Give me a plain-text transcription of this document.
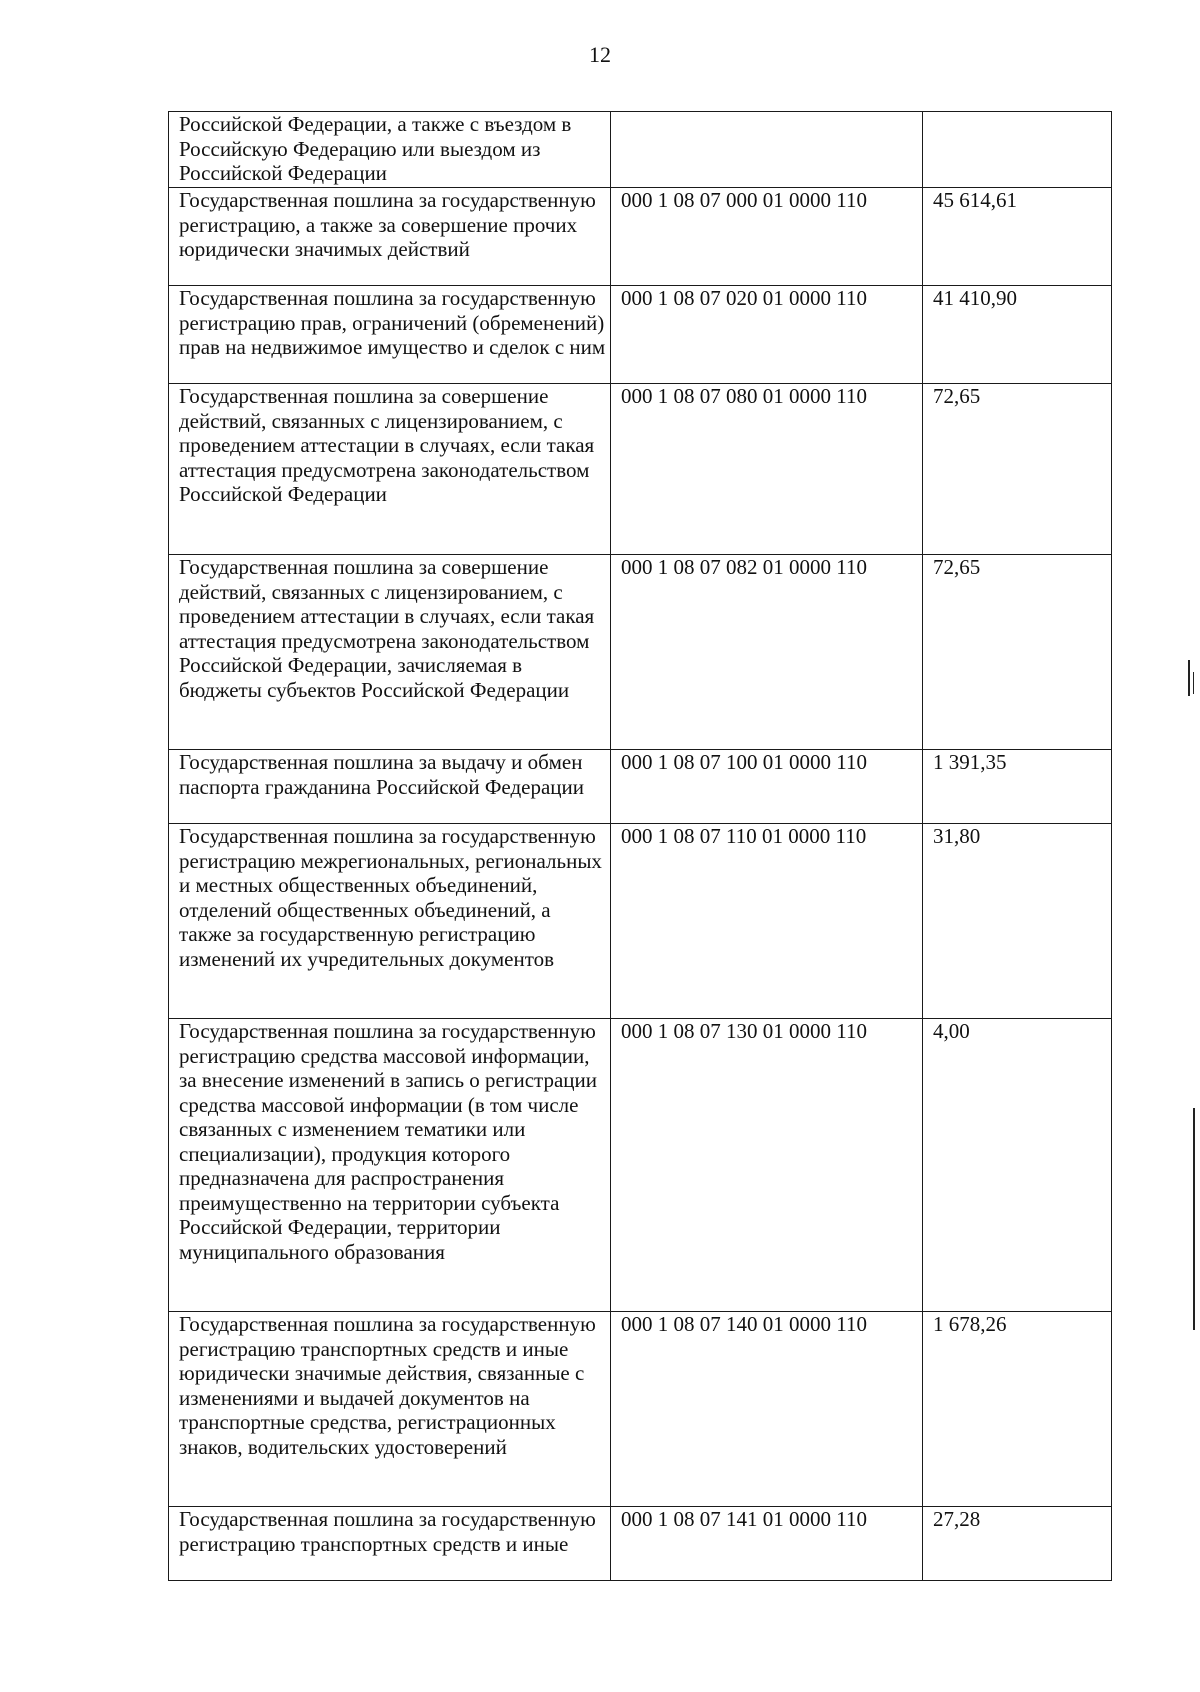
12
Российской Федерации, а также с въездом в Российскую Федерацию или выездом из Российской Федерации		
Государственная пошлина за государственную регистрацию, а также за совершение прочих юридически значимых действий	000 1 08 07 000 01 0000 110	45 614,61
Государственная пошлина за государственную регистрацию прав, ограничений (обременений) прав на недвижимое имущество и сделок с ним	000 1 08 07 020 01 0000 110	41 410,90
Государственная пошлина за совершение действий, связанных с лицензированием, с проведением аттестации в случаях, если такая аттестация предусмотрена законодательством Российской Федерации	000 1 08 07 080 01 0000 110	72,65
Государственная пошлина за совершение действий, связанных с лицензированием, с проведением аттестации в случаях, если такая аттестация предусмотрена законодательством Российской Федерации, зачисляемая в бюджеты субъектов Российской Федерации	000 1 08 07 082 01 0000 110	72,65
Государственная пошлина за выдачу и обмен паспорта гражданина Российской Федерации	000 1 08 07 100 01 0000 110	1 391,35
Государственная пошлина за государственную регистрацию межрегиональных, региональных и местных общественных объединений, отделений общественных объединений, а также за государственную регистрацию изменений их учредительных документов	000 1 08 07 110 01 0000 110	31,80
Государственная пошлина за государственную регистрацию средства массовой информации, за внесение изменений в запись о регистрации средства массовой информации (в том числе связанных с изменением тематики или специализации), продукция которого предназначена для распространения преимущественно на территории субъекта Российской Федерации, территории муниципального образования	000 1 08 07 130 01 0000 110	4,00
Государственная пошлина за государственную регистрацию транспортных средств и иные юридически значимые действия, связанные с изменениями и выдачей документов на транспортные средства, регистрационных знаков, водительских удостоверений	000 1 08 07 140 01 0000 110	1 678,26
Государственная пошлина за государственную регистрацию транспортных средств и иные	000 1 08 07 141 01 0000 110	27,28
